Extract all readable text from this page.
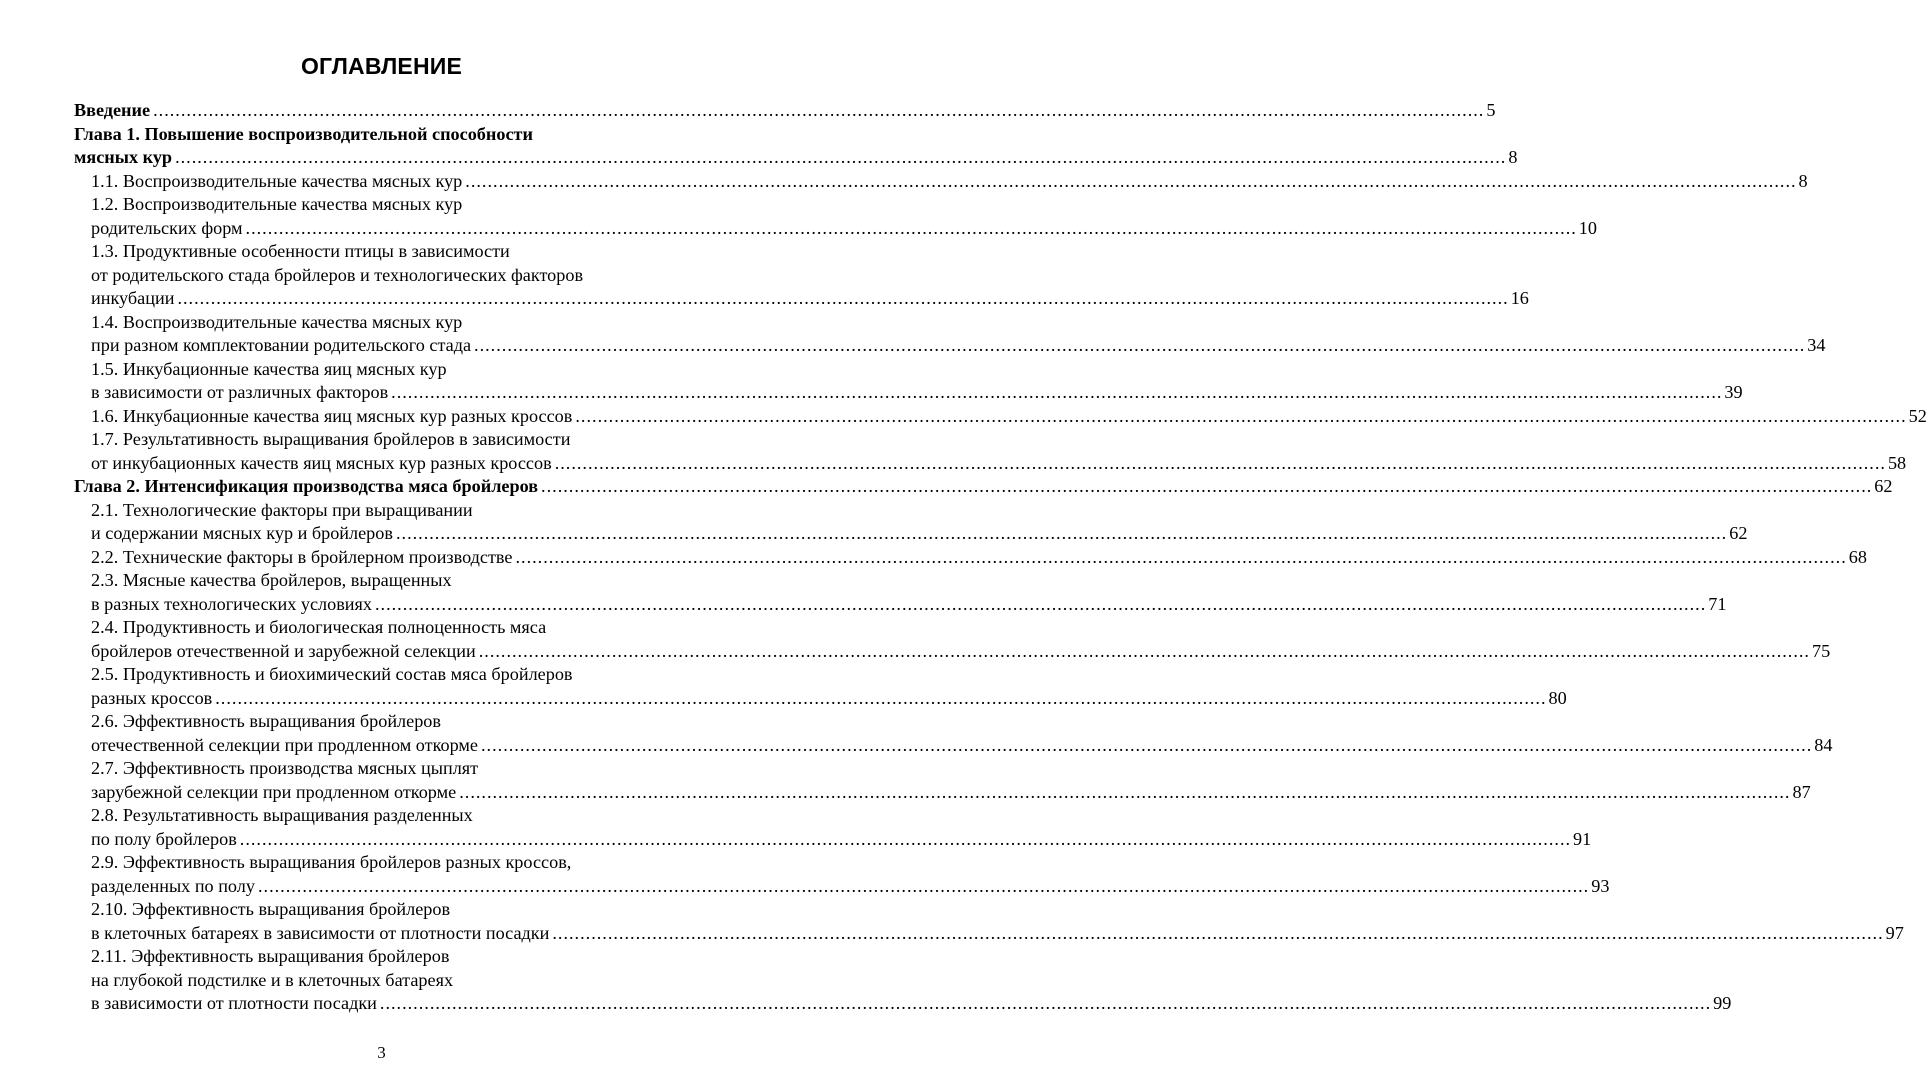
ОГЛАВЛЕНИЕ
Введение ................................................................................................................................................................................................................................................ 5
Глава 1. Повышение воспроизводительной способности
мясных кур ................................................................................................................................................................................................................................................ 8
1.1. Воспроизводительные качества мясных кур ................................................................................................................................................................................................................................................ 8
1.2. Воспроизводительные качества мясных кур
родительских форм ................................................................................................................................................................................................................................................ 10
1.3. Продуктивные особенности птицы в зависимости
от родительского стада бройлеров и технологических факторов
инкубации ................................................................................................................................................................................................................................................ 16
1.4. Воспроизводительные качества мясных кур
при разном комплектовании родительского стада ................................................................................................................................................................................................................................................ 34
1.5. Инкубационные качества яиц мясных кур
в зависимости от различных факторов ................................................................................................................................................................................................................................................ 39
1.6. Инкубационные качества яиц мясных кур разных кроссов ................................................................................................................................................................................................................................................ 52
1.7. Результативность выращивания бройлеров в зависимости
от инкубационных качеств яиц мясных кур разных кроссов ................................................................................................................................................................................................................................................ 58
Глава 2. Интенсификация производства мяса бройлеров ................................................................................................................................................................................................................................................ 62
2.1. Технологические факторы при выращивании
и содержании мясных кур и бройлеров ................................................................................................................................................................................................................................................ 62
2.2. Технические факторы в бройлерном производстве ................................................................................................................................................................................................................................................ 68
2.3. Мясные качества бройлеров, выращенных
в разных технологических условиях ................................................................................................................................................................................................................................................ 71
2.4. Продуктивность и биологическая полноценность мяса
бройлеров отечественной и зарубежной селекции ................................................................................................................................................................................................................................................ 75
2.5. Продуктивность и биохимический состав мяса бройлеров
разных кроссов ................................................................................................................................................................................................................................................ 80
2.6. Эффективность выращивания бройлеров
отечественной селекции при продленном откорме ................................................................................................................................................................................................................................................ 84
2.7. Эффективность производства мясных цыплят
зарубежной селекции при продленном откорме ................................................................................................................................................................................................................................................ 87
2.8. Результативность выращивания разделенных
по полу бройлеров ................................................................................................................................................................................................................................................ 91
2.9. Эффективность выращивания бройлеров разных кроссов,
разделенных по полу ................................................................................................................................................................................................................................................ 93
2.10. Эффективность выращивания бройлеров
в клеточных батареях в зависимости от плотности посадки ................................................................................................................................................................................................................................................ 97
2.11. Эффективность выращивания бройлеров
на глубокой подстилке и в клеточных батареях
в зависимости от плотности посадки ................................................................................................................................................................................................................................................ 99
3
